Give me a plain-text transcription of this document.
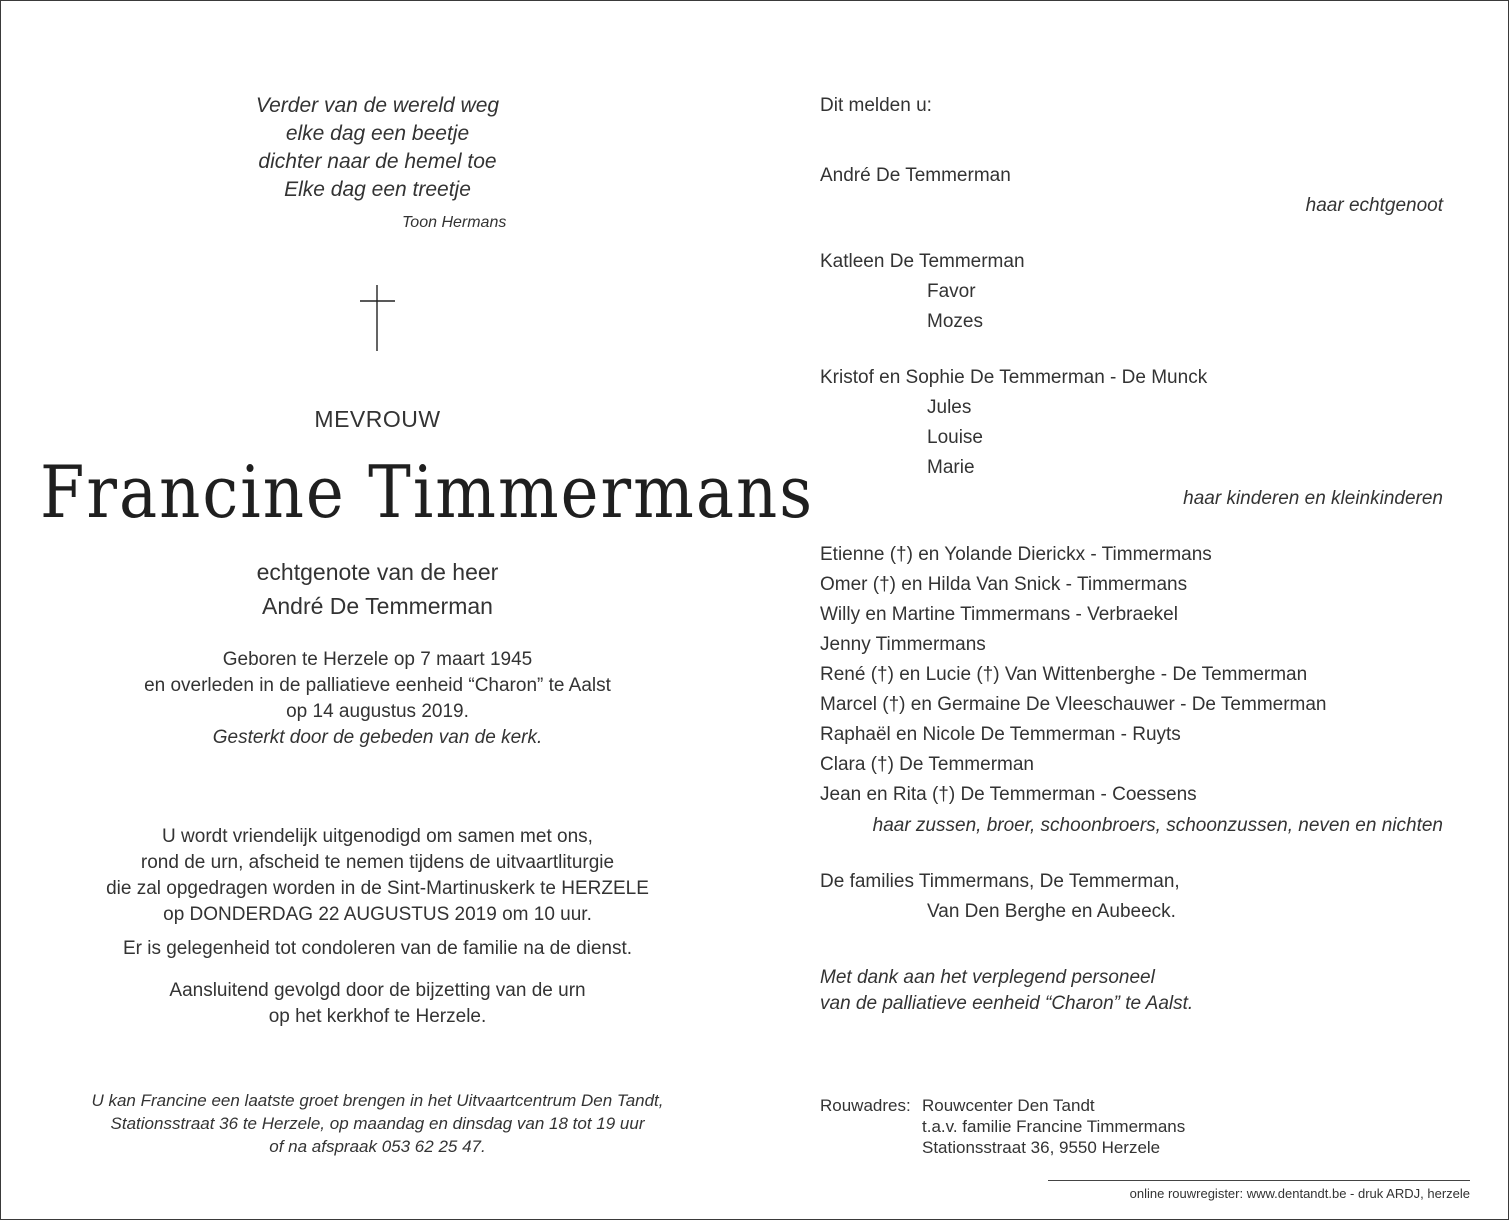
Verder van de wereld weg
elke dag een beetje
dichter naar de hemel toe
Elke dag een treetje
Toon Hermans
MEVROUW
Francine Timmermans
echtgenote van de heer
André De Temmerman
Geboren te Herzele op 7 maart 1945
en overleden in de palliatieve eenheid “Charon” te Aalst
op 14 augustus 2019.
Gesterkt door de gebeden van de kerk.
U wordt vriendelijk uitgenodigd om samen met ons,
rond de urn, afscheid te nemen tijdens de uitvaartliturgie
die zal opgedragen worden in de Sint-Martinuskerk te HERZELE
op DONDERDAG 22 AUGUSTUS 2019 om 10 uur.
Er is gelegenheid tot condoleren van de familie na de dienst.
Aansluitend gevolgd door de bijzetting van de urn
op het kerkhof te Herzele.
U kan Francine een laatste groet brengen in het Uitvaartcentrum Den Tandt,
Stationsstraat 36 te Herzele, op maandag en dinsdag van 18 tot 19 uur
of na afspraak 053 62 25 47.
Dit melden u:
André De Temmerman
haar echtgenoot
Katleen De Temmerman
Favor
Mozes
Kristof en Sophie De Temmerman - De Munck
Jules
Louise
Marie
haar kinderen en kleinkinderen
Etienne (†) en Yolande Dierickx - Timmermans
Omer (†) en Hilda Van Snick - Timmermans
Willy en Martine Timmermans - Verbraekel
Jenny Timmermans
René (†) en Lucie (†) Van Wittenberghe - De Temmerman
Marcel (†) en Germaine De Vleeschauwer - De Temmerman
Raphaël en Nicole De Temmerman - Ruyts
Clara (†) De Temmerman
Jean en Rita (†) De Temmerman - Coessens
haar zussen, broer, schoonbroers, schoonzussen, neven en nichten
De families Timmermans, De Temmerman,
Van Den Berghe en Aubeeck.
Met dank aan het verplegend personeel
van de palliatieve eenheid “Charon” te Aalst.
Rouwadres: Rouwcenter Den Tandt
t.a.v. familie Francine Timmermans
Stationsstraat 36, 9550 Herzele
online rouwregister: www.dentandt.be - druk ARDJ, herzele
